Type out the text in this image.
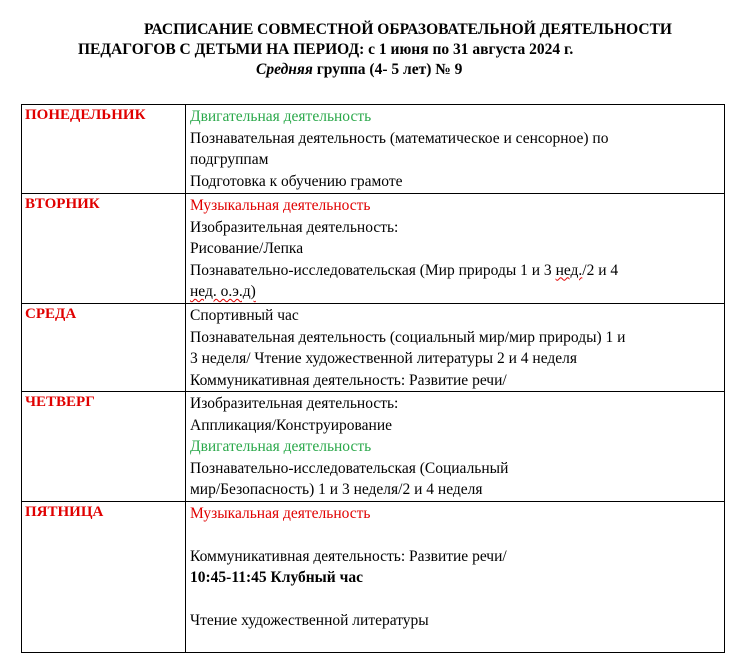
РАСПИСАНИЕ СОВМЕСТНОЙ ОБРАЗОВАТЕЛЬНОЙ ДЕЯТЕЛЬНОСТИ
ПЕДАГОГОВ С ДЕТЬМИ НА ПЕРИОД: с 1 июня по 31 августа 2024 г.
Средняя группа (4- 5 лет) № 9
ПОНЕДЕЛЬНИК	Двигательная деятельность
Познавательная деятельность (математическое и сенсорное) по
подгруппам
Подготовка к обучению грамоте

ВТОРНИК	Музыкальная деятельность
Изобразительная деятельность:
Рисование/Лепка
Познавательно-исследовательская (Мир природы 1 и 3 нед./2 и 4
нед. о.э.д)

СРЕДА	Спортивный час
Познавательная деятельность (социальный мир/мир природы) 1 и
3 неделя/ Чтение художественной литературы 2 и 4 неделя
Коммуникативная деятельность: Развитие речи/

ЧЕТВЕРГ	Изобразительная деятельность:
Аппликация/Конструирование
Двигательная деятельность
Познавательно-исследовательская (Социальный
мир/Безопасность) 1 и 3 неделя/2 и 4 неделя

ПЯТНИЦА	Музыкальная деятельность
Коммуникативная деятельность: Развитие речи/
10:45-11:45 Клубный час
Чтение художественной литературы
